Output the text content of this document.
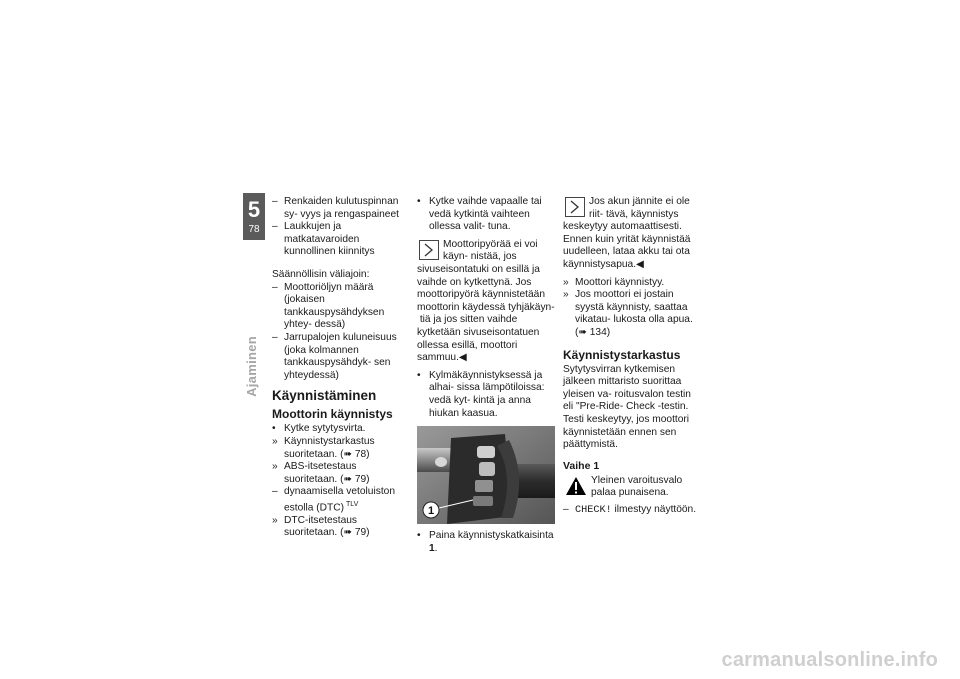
5
78
Ajaminen
– Renkaiden kulutuspinnan sy- vyys ja rengaspaineet
– Laukkujen ja matkatavaroiden kunnollinen kiinnitys

Säännöllisin väliajoin:

– Moottoriöljyn määrä (jokaisen tankkauspysähdyksen yhtey- dessä)
– Jarrupalojen kuluneisuus (joka kolmannen tankkauspysähdyk- sen yhteydessä)
Käynnistäminen
Moottorin käynnistys
• Kytke sytytysvirta.
» Käynnistystarkastus suoritetaan. (➠ 78)
» ABS-itsetestaus suoritetaan. (➠ 79)
– dynaamisella vetoluiston estolla (DTC) $^{TLV}$
» DTC-itsetestaus suoritetaan. (➠ 79)
• Kytke vaihde vapaalle tai vedä kytkintä vaihteen ollessa valit- tuna.
Moottoripyörää ei voi käyn- nistää, jos sivuseisontatuki on esillä ja vaihde on kytkettynä. Jos moottoripyörä käynnistetään moottorin käydessä tyhjäkäyn- tiä ja jos sitten vaihde kytketään sivuseisontatuen ollessa esillä, moottori sammuu.◀
• Kylmäkäynnistyksessä ja alhai- sissa lämpötiloissa: vedä kyt- kintä ja anna hiukan kaasua.
1
• Paina käynnistyskatkaisinta 1.
Jos akun jännite ei ole riit- tävä, käynnistys keskeytyy automaattisesti. Ennen kuin yrität käynnistää uudelleen, lataa akku tai ota käynnistysapua.◀
» Moottori käynnistyy.
» Jos moottori ei jostain syystä käynnisty, saattaa vikatau- lukosta olla apua. (➠ 134)
Käynnistystarkastus

Sytytysvirran kytkemisen jälkeen mittaristo suorittaa yleisen va- roitusvalon testin eli "Pre-Ride- Check -testin. Testi keskeytyy, jos moottori käynnistetään ennen sen päättymistä.

Vaihe 1
Yleinen varoitusvalo palaa punaisena.
– CHECK! ilmestyy näyttöön.
carmanualsonline.info
